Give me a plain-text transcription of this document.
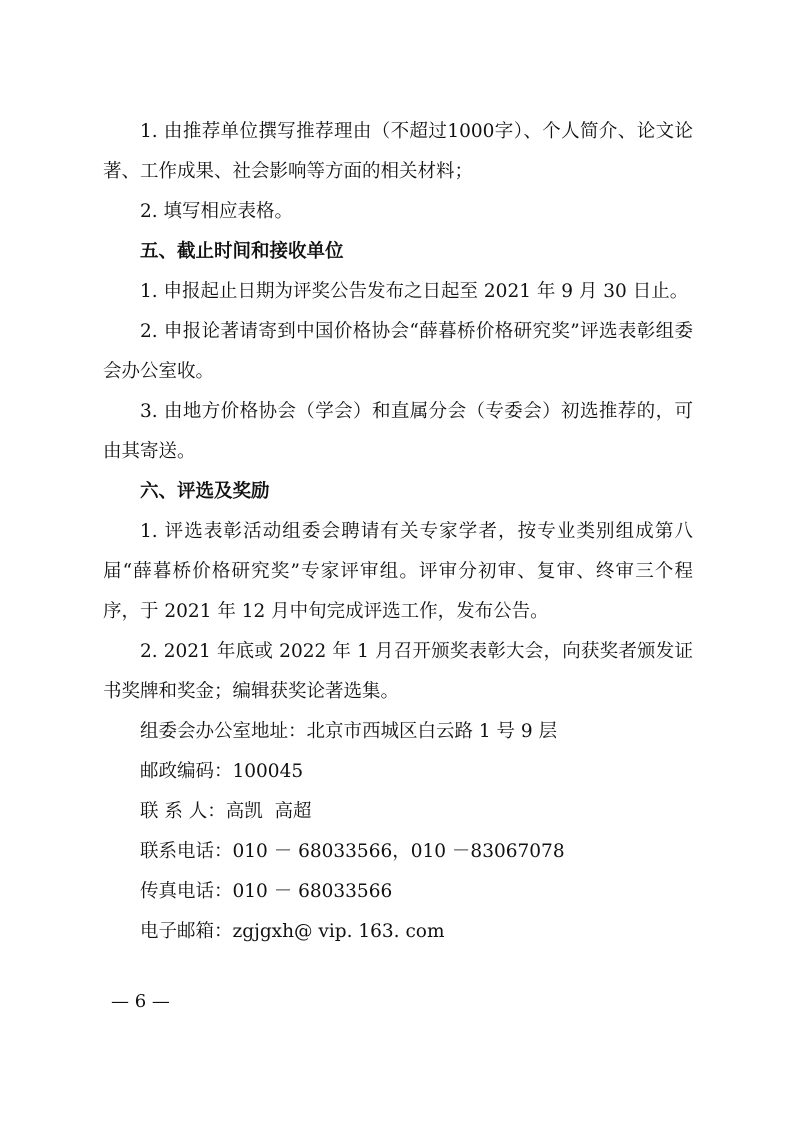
1. 由推荐单位撰写推荐理由（不超过1000字）、个人简介、论文论著、工作成果、社会影响等方面的相关材料；

2. 填写相应表格。

五、截止时间和接收单位

1. 申报起止日期为评奖公告发布之日起至 2021 年 9 月 30 日止。

2. 申报论著请寄到中国价格协会“薛暮桥价格研究奖”评选表彰组委会办公室收。

3. 由地方价格协会（学会）和直属分会（专委会）初选推荐的，可由其寄送。

六、评选及奖励

1. 评选表彰活动组委会聘请有关专家学者，按专业类别组成第八届“薛暮桥价格研究奖”专家评审组。评审分初审、复审、终审三个程序，于 2021 年 12 月中旬完成评选工作，发布公告。

2. 2021 年底或 2022 年 1 月召开颁奖表彰大会，向获奖者颁发证书奖牌和奖金；编辑获奖论著选集。

组委会办公室地址：北京市西城区白云路 1 号 9 层

邮政编码：100045

联 系 人：高凯  高超

联系电话：010 － 68033566，010 －83067078

传真电话：010 － 68033566

电子邮箱：zgjgxh@ vip. 163. com

— 6 —
